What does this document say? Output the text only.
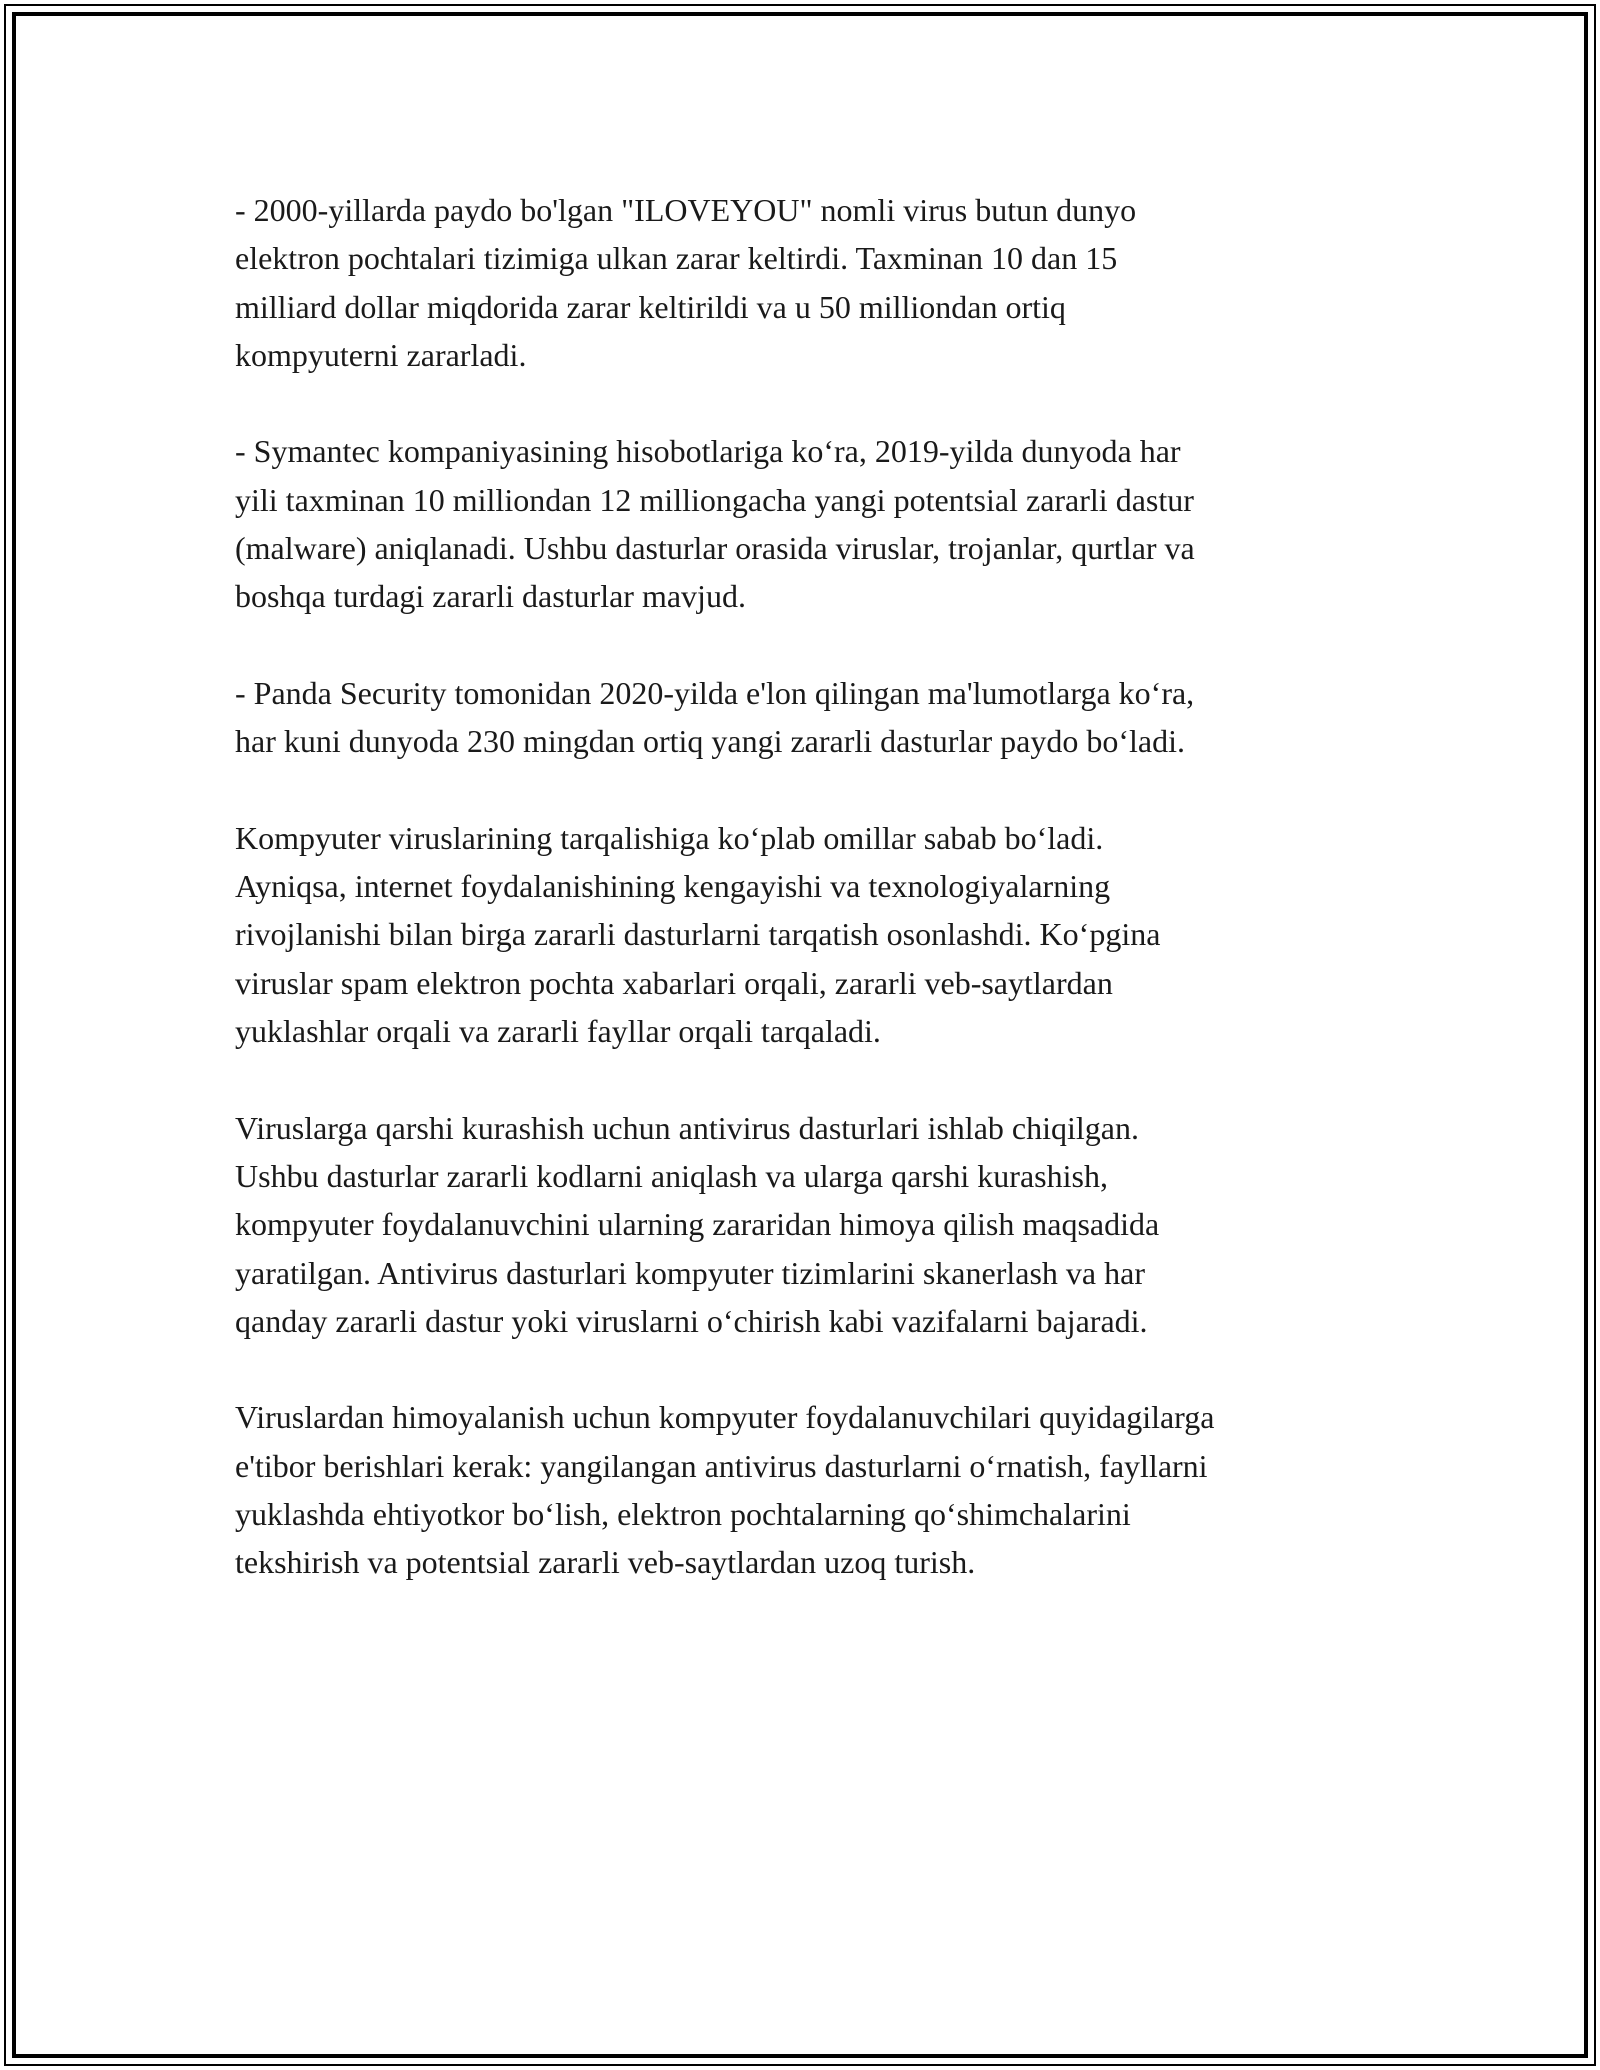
- 2000-yillarda paydo bo'lgan "ILOVEYOU" nomli virus butun dunyo
elektron pochtalari tizimiga ulkan zarar keltirdi. Taxminan 10 dan 15
milliard dollar miqdorida zarar keltirildi va u 50 milliondan ortiq
kompyuterni zararladi.

- Symantec kompaniyasining hisobotlariga koʻra, 2019-yilda dunyoda har
yili taxminan 10 milliondan 12 milliongacha yangi potentsial zararli dastur
(malware) aniqlanadi. Ushbu dasturlar orasida viruslar, trojanlar, qurtlar va
boshqa turdagi zararli dasturlar mavjud.

- Panda Security tomonidan 2020-yilda e'lon qilingan ma'lumotlarga koʻra,
har kuni dunyoda 230 mingdan ortiq yangi zararli dasturlar paydo boʻladi.

Kompyuter viruslarining tarqalishiga koʻplab omillar sabab boʻladi.
Ayniqsa, internet foydalanishining kengayishi va texnologiyalarning
rivojlanishi bilan birga zararli dasturlarni tarqatish osonlashdi. Koʻpgina
viruslar spam elektron pochta xabarlari orqali, zararli veb-saytlardan
yuklashlar orqali va zararli fayllar orqali tarqaladi.

Viruslarga qarshi kurashish uchun antivirus dasturlari ishlab chiqilgan.
Ushbu dasturlar zararli kodlarni aniqlash va ularga qarshi kurashish,
kompyuter foydalanuvchini ularning zararidan himoya qilish maqsadida
yaratilgan. Antivirus dasturlari kompyuter tizimlarini skanerlash va har
qanday zararli dastur yoki viruslarni oʻchirish kabi vazifalarni bajaradi.

Viruslardan himoyalanish uchun kompyuter foydalanuvchilari quyidagilarga
e'tibor berishlari kerak: yangilangan antivirus dasturlarni oʻrnatish, fayllarni
yuklashda ehtiyotkor boʻlish, elektron pochtalarning qoʻshimchalarini
tekshirish va potentsial zararli veb-saytlardan uzoq turish.
